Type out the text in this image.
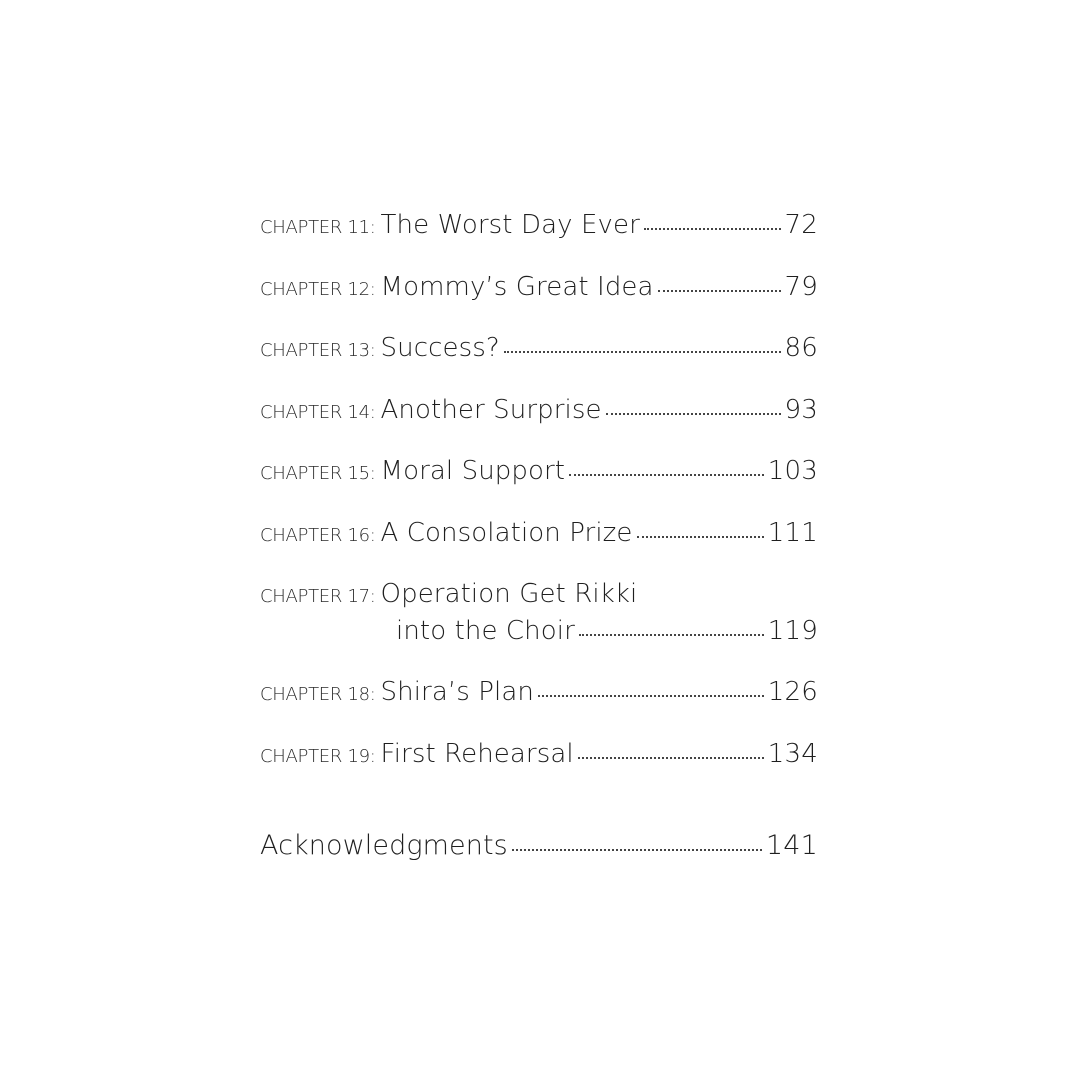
CHAPTER 11: The Worst Day Ever	72
CHAPTER 12: Mommy’s Great Idea	79
CHAPTER 13: Success?	86
CHAPTER 14: Another Surprise	93
CHAPTER 15: Moral Support	103
CHAPTER 16: A Consolation Prize	111
CHAPTER 17: Operation Get Rikki
into the Choir	119
CHAPTER 18: Shira’s Plan	126
CHAPTER 19: First Rehearsal	134
Acknowledgments	141
